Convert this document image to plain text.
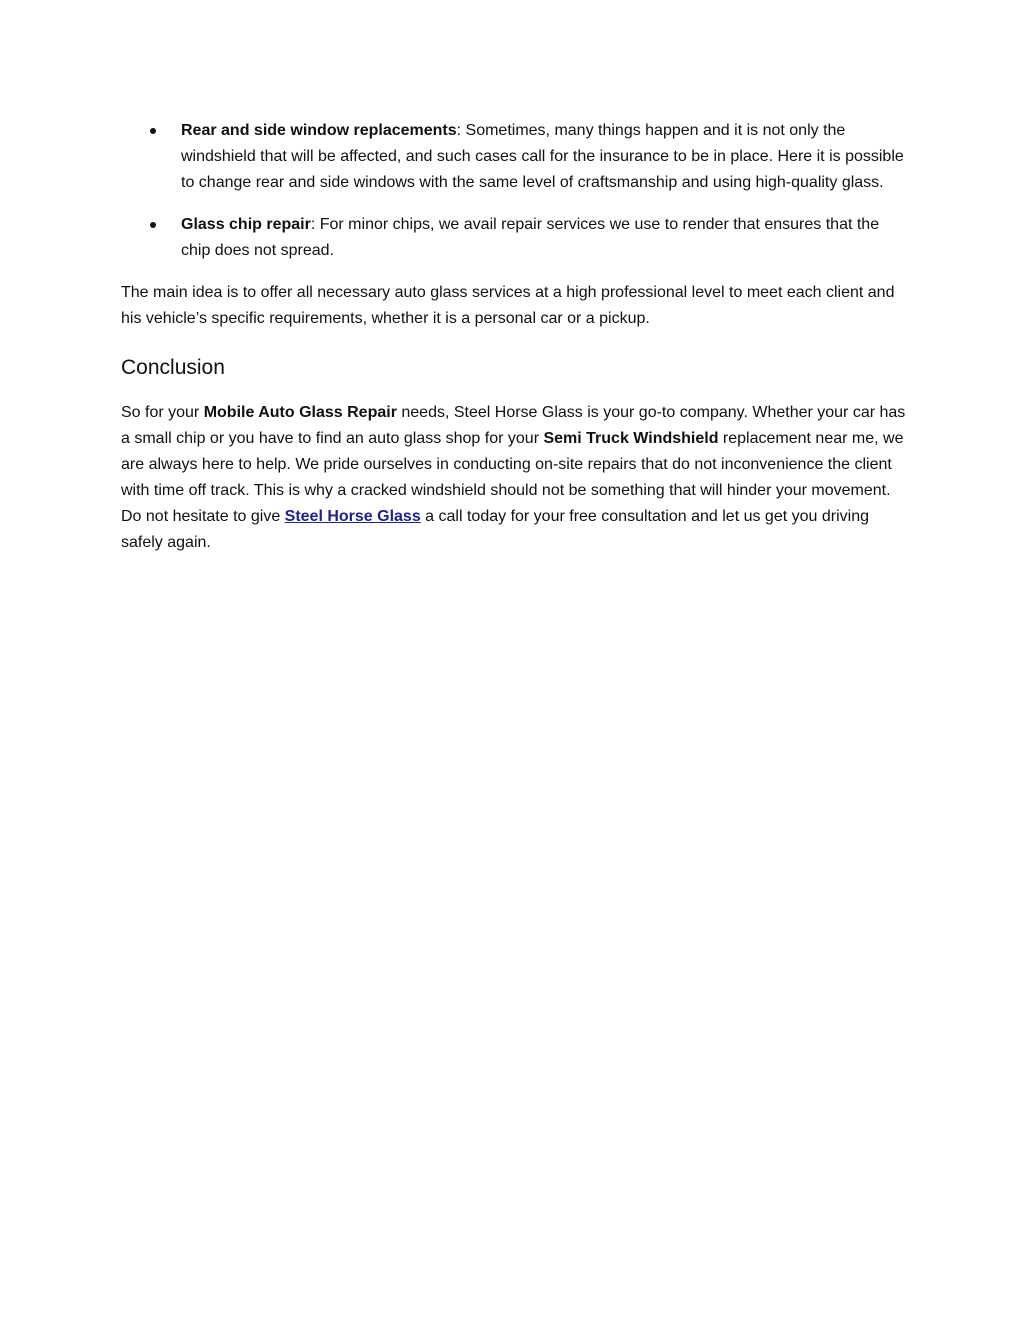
Rear and side window replacements: Sometimes, many things happen and it is not only the windshield that will be affected, and such cases call for the insurance to be in place. Here it is possible to change rear and side windows with the same level of craftsmanship and using high-quality glass.
Glass chip repair: For minor chips, we avail repair services we use to render that ensures that the chip does not spread.

The main idea is to offer all necessary auto glass services at a high professional level to meet each client and his vehicle’s specific requirements, whether it is a personal car or a pickup.

Conclusion

So for your Mobile Auto Glass Repair needs, Steel Horse Glass is your go-to company. Whether your car has a small chip or you have to find an auto glass shop for your Semi Truck Windshield replacement near me, we are always here to help. We pride ourselves in conducting on-site repairs that do not inconvenience the client with time off track. This is why a cracked windshield should not be something that will hinder your movement. Do not hesitate to give Steel Horse Glass a call today for your free consultation and let us get you driving safely again.
